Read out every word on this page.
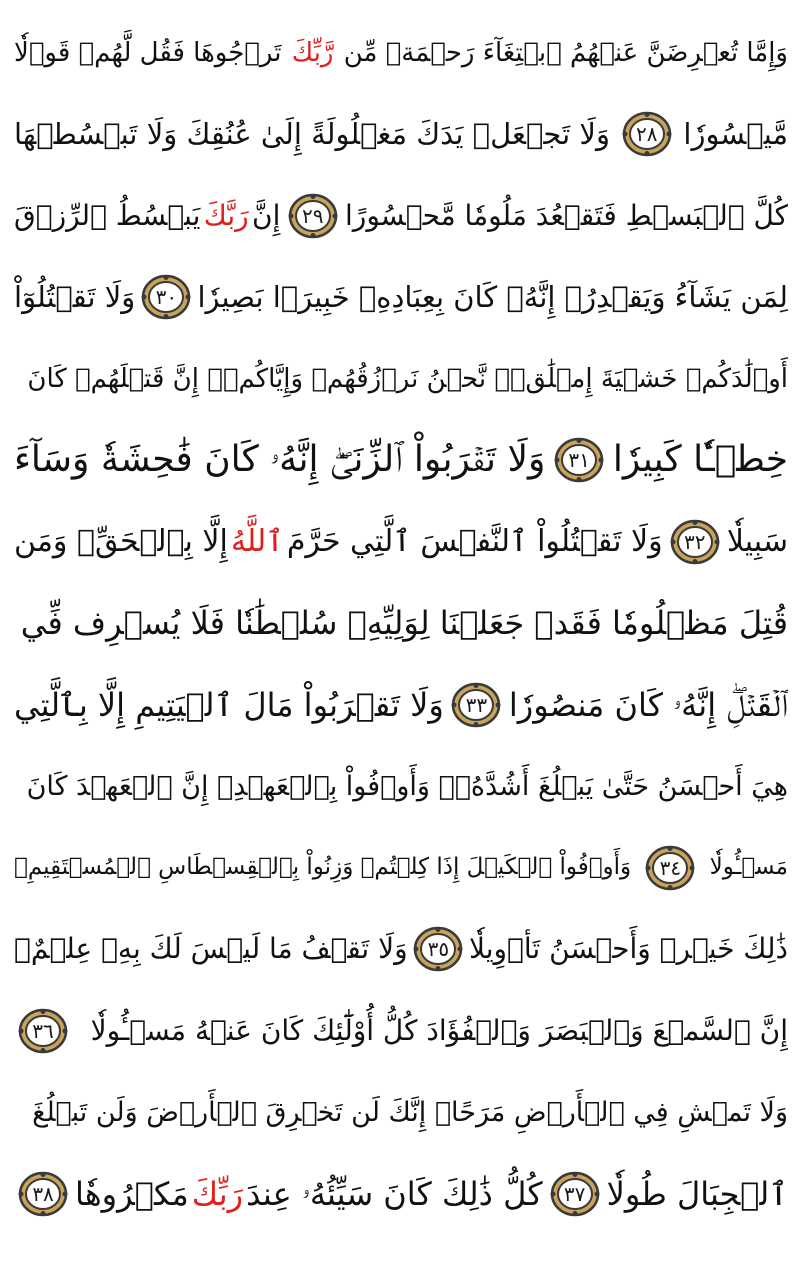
وَإِمَّا تُعۡرِضَنَّ عَنۡهُمُ ٱبۡتِغَآءَ رَحۡمَةٖ مِّن
رَّبِّكَ
تَرۡجُوهَا فَقُل لَّهُمۡ قَوۡلٗا
مَّيۡسُورٗا
٢٨
وَلَا تَجۡعَلۡ يَدَكَ مَغۡلُولَةً إِلَىٰ عُنُقِكَ وَلَا تَبۡسُطۡهَا
كُلَّ ٱلۡبَسۡطِ فَتَقۡعُدَ مَلُومٗا مَّحۡسُورًا
٢٩
إِنَّ
رَبَّكَ
يَبۡسُطُ ٱلرِّزۡقَ
لِمَن يَشَآءُ وَيَقۡدِرُۚ إِنَّهُۥ كَانَ بِعِبَادِهِۦ خَبِيرَۢا بَصِيرٗا
٣٠
وَلَا تَقۡتُلُوٓاْ
أَوۡلَٰدَكُمۡ خَشۡيَةَ إِمۡلَٰقٖۖ نَّحۡنُ نَرۡزُقُهُمۡ وَإِيَّاكُمۡۚ إِنَّ قَتۡلَهُمۡ كَانَ
خِطۡـٔٗا كَبِيرٗا
٣١
وَلَا تَقۡرَبُواْ ٱلزِّنَىٰٓۖ إِنَّهُۥ كَانَ فَٰحِشَةٗ وَسَآءَ
سَبِيلٗا
٣٢
وَلَا تَقۡتُلُواْ ٱلنَّفۡسَ ٱلَّتِي حَرَّمَ
ٱللَّهُ
إِلَّا بِٱلۡحَقِّۗ وَمَن
قُتِلَ مَظۡلُومٗا فَقَدۡ جَعَلۡنَا لِوَلِيِّهِۦ سُلۡطَٰنٗا فَلَا يُسۡرِف فِّي
ٱلۡقَتۡلِۖ إِنَّهُۥ كَانَ مَنصُورٗا
٣٣
وَلَا تَقۡرَبُواْ مَالَ ٱلۡيَتِيمِ إِلَّا بِٱلَّتِي
هِيَ أَحۡسَنُ حَتَّىٰ يَبۡلُغَ أَشُدَّهُۥۚ وَأَوۡفُواْ بِٱلۡعَهۡدِۖ إِنَّ ٱلۡعَهۡدَ كَانَ
مَسۡـُٔولٗا
٣٤
وَأَوۡفُواْ ٱلۡكَيۡلَ إِذَا كِلۡتُمۡ وَزِنُواْ بِٱلۡقِسۡطَاسِ ٱلۡمُسۡتَقِيمِۚ
ذَٰلِكَ خَيۡرٞ وَأَحۡسَنُ تَأۡوِيلٗا
٣٥
وَلَا تَقۡفُ مَا لَيۡسَ لَكَ بِهِۦ عِلۡمٌۚ
إِنَّ ٱلسَّمۡعَ وَٱلۡبَصَرَ وَٱلۡفُؤَادَ كُلُّ أُوْلَٰٓئِكَ كَانَ عَنۡهُ مَسۡـُٔولٗا
٣٦
وَلَا تَمۡشِ فِي ٱلۡأَرۡضِ مَرَحًاۖ إِنَّكَ لَن تَخۡرِقَ ٱلۡأَرۡضَ وَلَن تَبۡلُغَ
ٱلۡجِبَالَ طُولٗا
٣٧
كُلُّ ذَٰلِكَ كَانَ سَيِّئُهُۥ عِندَ
رَبِّكَ
مَكۡرُوهٗا
٣٨
